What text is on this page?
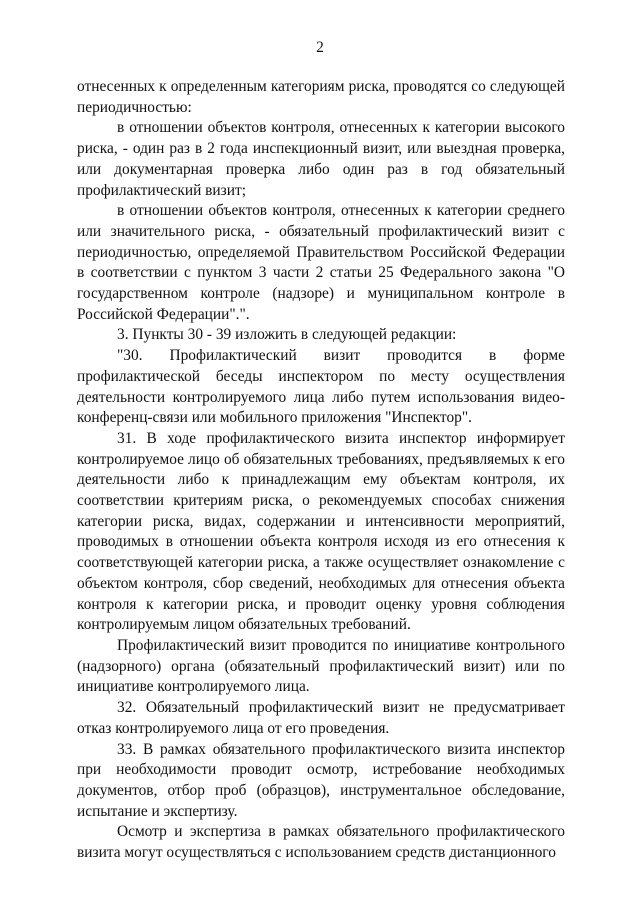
2

отнесенных к определенным категориям риска, проводятся со следующей периодичностью:

в отношении объектов контроля, отнесенных к категории высокого риска, - один раз в 2 года инспекционный визит, или выездная проверка, или документарная проверка либо один раз в год обязательный профилактический визит;

в отношении объектов контроля, отнесенных к категории среднего или значительного риска, - обязательный профилактический визит с периодичностью, определяемой Правительством Российской Федерации в соответствии с пунктом 3 части 2 статьи 25 Федерального закона "О государственном контроле (надзоре) и муниципальном контроле в Российской Федерации".".

3. Пункты 30 - 39 изложить в следующей редакции:

"30. Профилактический визит проводится в форме профилактической беседы инспектором по месту осуществления деятельности контролируемого лица либо путем использования видео-конференц-связи или мобильного приложения "Инспектор".

31. В ходе профилактического визита инспектор информирует контролируемое лицо об обязательных требованиях, предъявляемых к его деятельности либо к принадлежащим ему объектам контроля, их соответствии критериям риска, о рекомендуемых способах снижения категории риска, видах, содержании и интенсивности мероприятий, проводимых в отношении объекта контроля исходя из его отнесения к соответствующей категории риска, а также осуществляет ознакомление с объектом контроля, сбор сведений, необходимых для отнесения объекта контроля к категории риска, и проводит оценку уровня соблюдения контролируемым лицом обязательных требований.

Профилактический визит проводится по инициативе контрольного (надзорного) органа (обязательный профилактический визит) или по инициативе контролируемого лица.

32. Обязательный профилактический визит не предусматривает отказ контролируемого лица от его проведения.

33. В рамках обязательного профилактического визита инспектор при необходимости проводит осмотр, истребование необходимых документов, отбор проб (образцов), инструментальное обследование, испытание и экспертизу.

Осмотр и экспертиза в рамках обязательного профилактического визита могут осуществляться с использованием средств дистанционного
